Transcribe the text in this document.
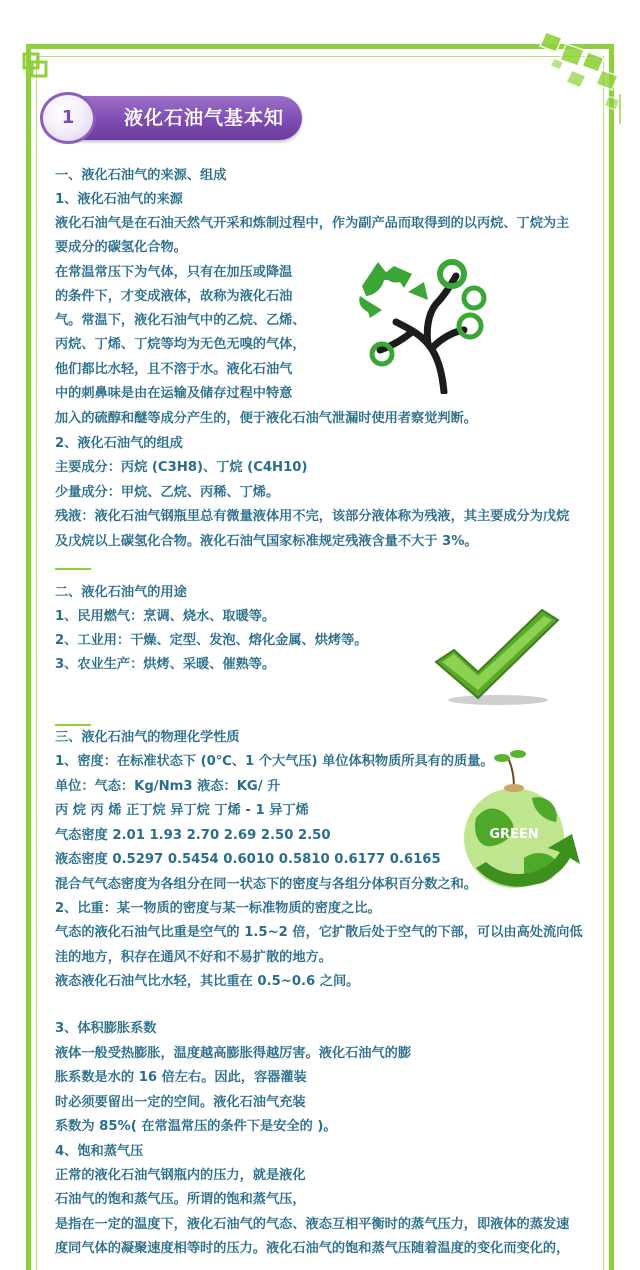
1	液化石油气基本知识
一、液化石油气的来源、组成
1、液化石油气的来源
液化石油气是在石油天然气开采和炼制过程中，作为副产品而取得到的以丙烷、丁烷为主
要成分的碳氢化合物。
在常温常压下为气体，只有在加压或降温
的条件下，才变成液体，故称为液化石油
气。常温下，液化石油气中的乙烷、乙烯、
丙烷、丁烯、丁烷等均为无色无嗅的气体，
他们都比水轻，且不溶于水。液化石油气
中的刺鼻味是由在运输及储存过程中特意
加入的硫醇和醚等成分产生的，便于液化石油气泄漏时使用者察觉判断。
2、液化石油气的组成
主要成分：丙烷 (C3H8)、丁烷 (C4H10)
少量成分：甲烷、乙烷、丙稀、丁烯。
残液：液化石油气钢瓶里总有微量液体用不完，该部分液体称为残液，其主要成分为戊烷
及戊烷以上碳氢化合物。液化石油气国家标准规定残液含量不大于 3%。
二、液化石油气的用途
1、民用燃气：烹调、烧水、取暖等。
2、工业用：干燥、定型、发泡、熔化金属、烘烤等。
3、农业生产：烘烤、采暖、催熟等。
三、液化石油气的物理化学性质
1、密度：在标准状态下 (0℃、1 个大气压) 单位体积物质所具有的质量。
单位：气态：Kg/Nm3 液态：KG/ 升
丙 烷 丙 烯 正丁烷 异丁烷 丁烯 - 1 异丁烯
气态密度 2.01 1.93 2.70 2.69 2.50 2.50
液态密度 0.5297 0.5454 0.6010 0.5810 0.6177 0.6165
混合气气态密度为各组分在同一状态下的密度与各组分体积百分数之和。
2、比重：某一物质的密度与某一标准物质的密度之比。
气态的液化石油气比重是空气的 1.5~2 倍，它扩散后处于空气的下部，可以由高处流向低
洼的地方，积存在通风不好和不易扩散的地方。
液态液化石油气比水轻，其比重在 0.5~0.6 之间。
3、体积膨胀系数
液体一般受热膨胀，温度越高膨胀得越厉害。液化石油气的膨
胀系数是水的 16 倍左右。因此，容器灌装
时必须要留出一定的空间。液化石油气充装
系数为 85%( 在常温常压的条件下是安全的 )。
4、饱和蒸气压
正常的液化石油气钢瓶内的压力，就是液化
石油气的饱和蒸气压。所谓的饱和蒸气压，
是指在一定的温度下，液化石油气的气态、液态互相平衡时的蒸气压力，即液体的蒸发速
度同气体的凝聚速度相等时的压力。液化石油气的饱和蒸气压随着温度的变化而变化的，
GREEN
